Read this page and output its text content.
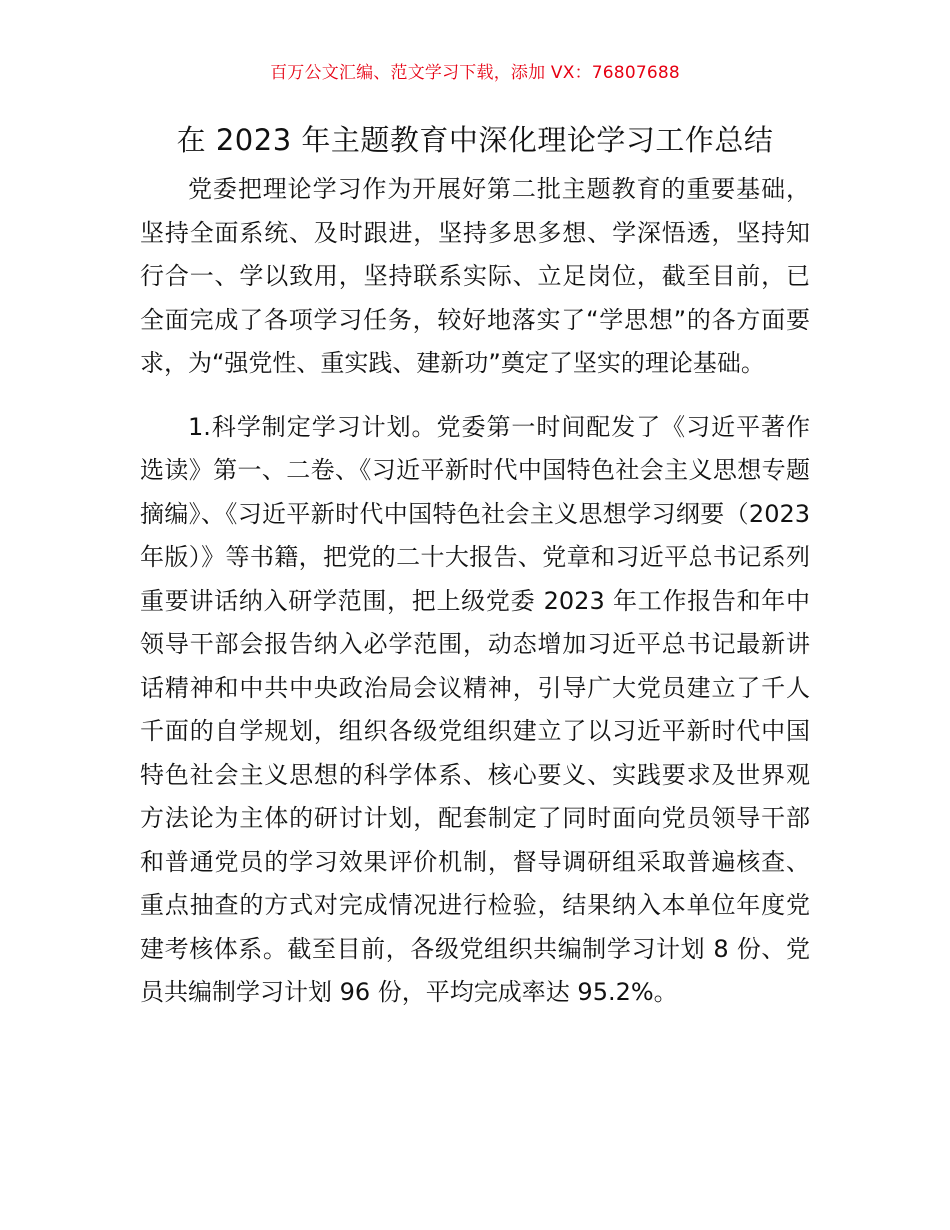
百万公文汇编、范文学习下载，添加 VX：76807688
在 2023 年主题教育中深化理论学习工作总结

党委把理论学习作为开展好第二批主题教育的重要基础，坚持全面系统、及时跟进，坚持多思多想、学深悟透，坚持知行合一、学以致用，坚持联系实际、立足岗位，截至目前，已全面完成了各项学习任务，较好地落实了“学思想”的各方面要求，为“强党性、重实践、建新功”奠定了坚实的理论基础。

1.科学制定学习计划。党委第一时间配发了《习近平著作选读》第一、二卷、《习近平新时代中国特色社会主义思想专题摘编》、《习近平新时代中国特色社会主义思想学习纲要（2023 年版）》等书籍，把党的二十大报告、党章和习近平总书记系列重要讲话纳入研学范围，把上级党委 2023 年工作报告和年中领导干部会报告纳入必学范围，动态增加习近平总书记最新讲话精神和中共中央政治局会议精神，引导广大党员建立了千人千面的自学规划，组织各级党组织建立了以习近平新时代中国特色社会主义思想的科学体系、核心要义、实践要求及世界观方法论为主体的研讨计划，配套制定了同时面向党员领导干部和普通党员的学习效果评价机制，督导调研组采取普遍核查、重点抽查的方式对完成情况进行检验，结果纳入本单位年度党建考核体系。截至目前，各级党组织共编制学习计划 8 份、党员共编制学习计划 96 份，平均完成率达 95.2%。
